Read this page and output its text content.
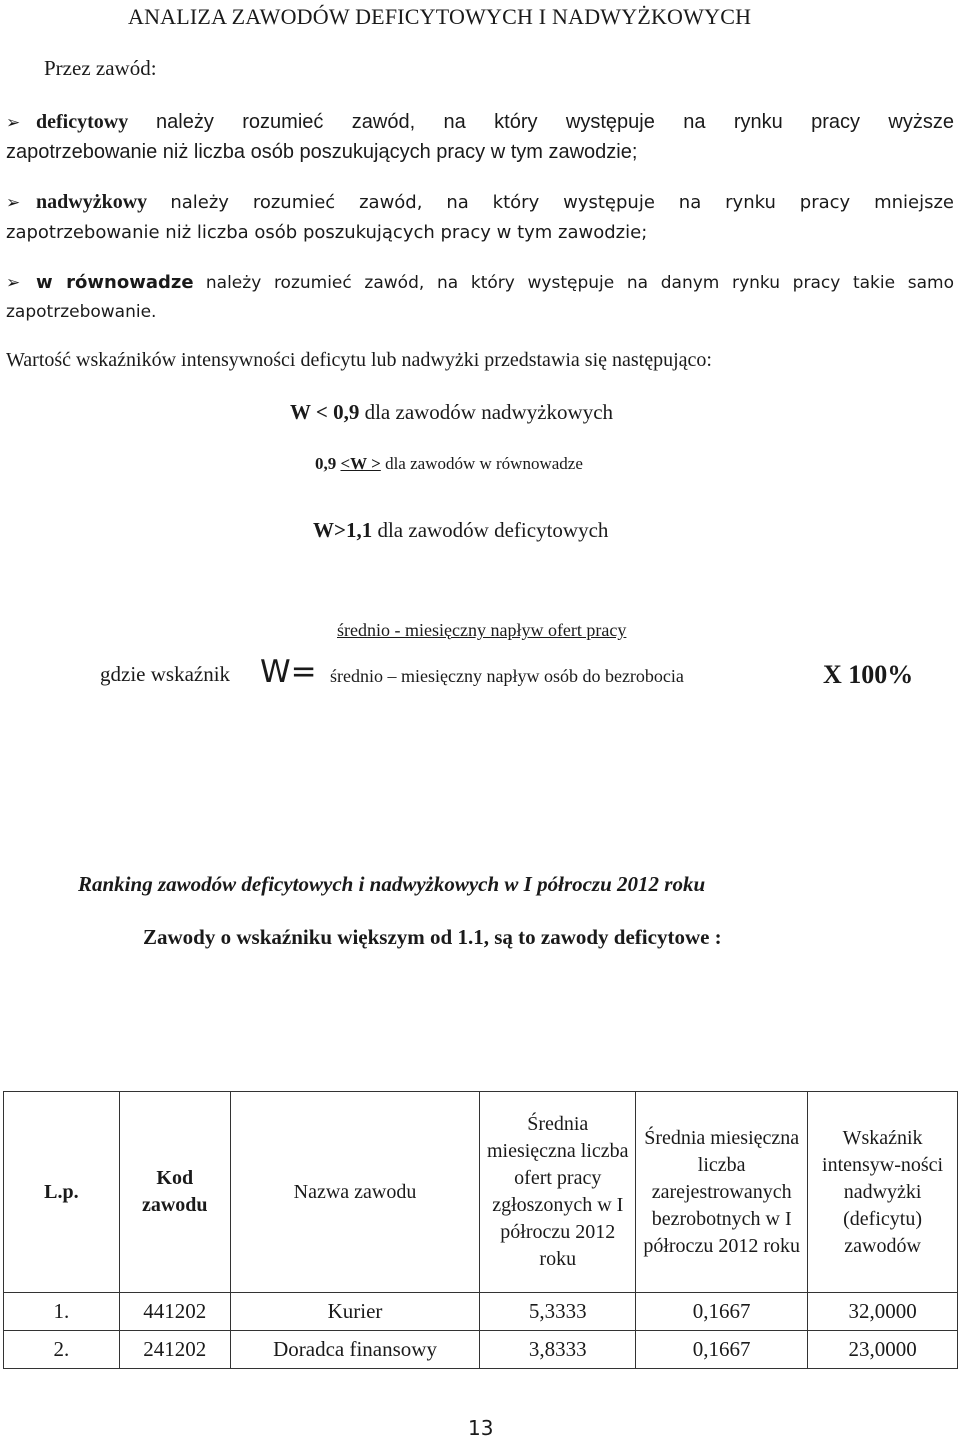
ANALIZA ZAWODÓW DEFICYTOWYCH I NADWYŻKOWYCH
Przez zawód:
➢ deficytowy należy rozumieć zawód, na który występuje na rynku pracy wyższe
zapotrzebowanie niż liczba osób poszukujących pracy w tym zawodzie;
➢ nadwyżkowy należy rozumieć zawód, na który występuje na rynku pracy mniejsze
zapotrzebowanie niż liczba osób poszukujących pracy w tym zawodzie;
➢ w równowadze należy rozumieć zawód, na który występuje na danym rynku pracy takie samo
zapotrzebowanie.
Wartość wskaźników intensywności deficytu lub nadwyżki przedstawia się następująco:
W < 0,9 dla zawodów nadwyżkowych
0,9 <W > dla zawodów w równowadze
W>1,1 dla zawodów deficytowych
średnio - miesięczny napływ ofert pracy
gdzie wskaźnik W= średnio – miesięczny napływ osób do bezrobocia	X 100%
Ranking zawodów deficytowych i nadwyżkowych w I półroczu 2012 roku
Zawody o wskaźniku większym od 1.1, są to zawody deficytowe :
L.p.	Kod zawodu	Nazwa zawodu	Średnia miesięczna liczba ofert pracy zgłoszonych w I półroczu 2012 roku	Średnia miesięczna liczba zarejestrowanych bezrobotnych w I półroczu 2012 roku	Wskaźnik intensyw-ności nadwyżki (deficytu) zawodów
1.	441202	Kurier	5,3333	0,1667	32,0000
2.	241202	Doradca finansowy	3,8333	0,1667	23,0000
13
